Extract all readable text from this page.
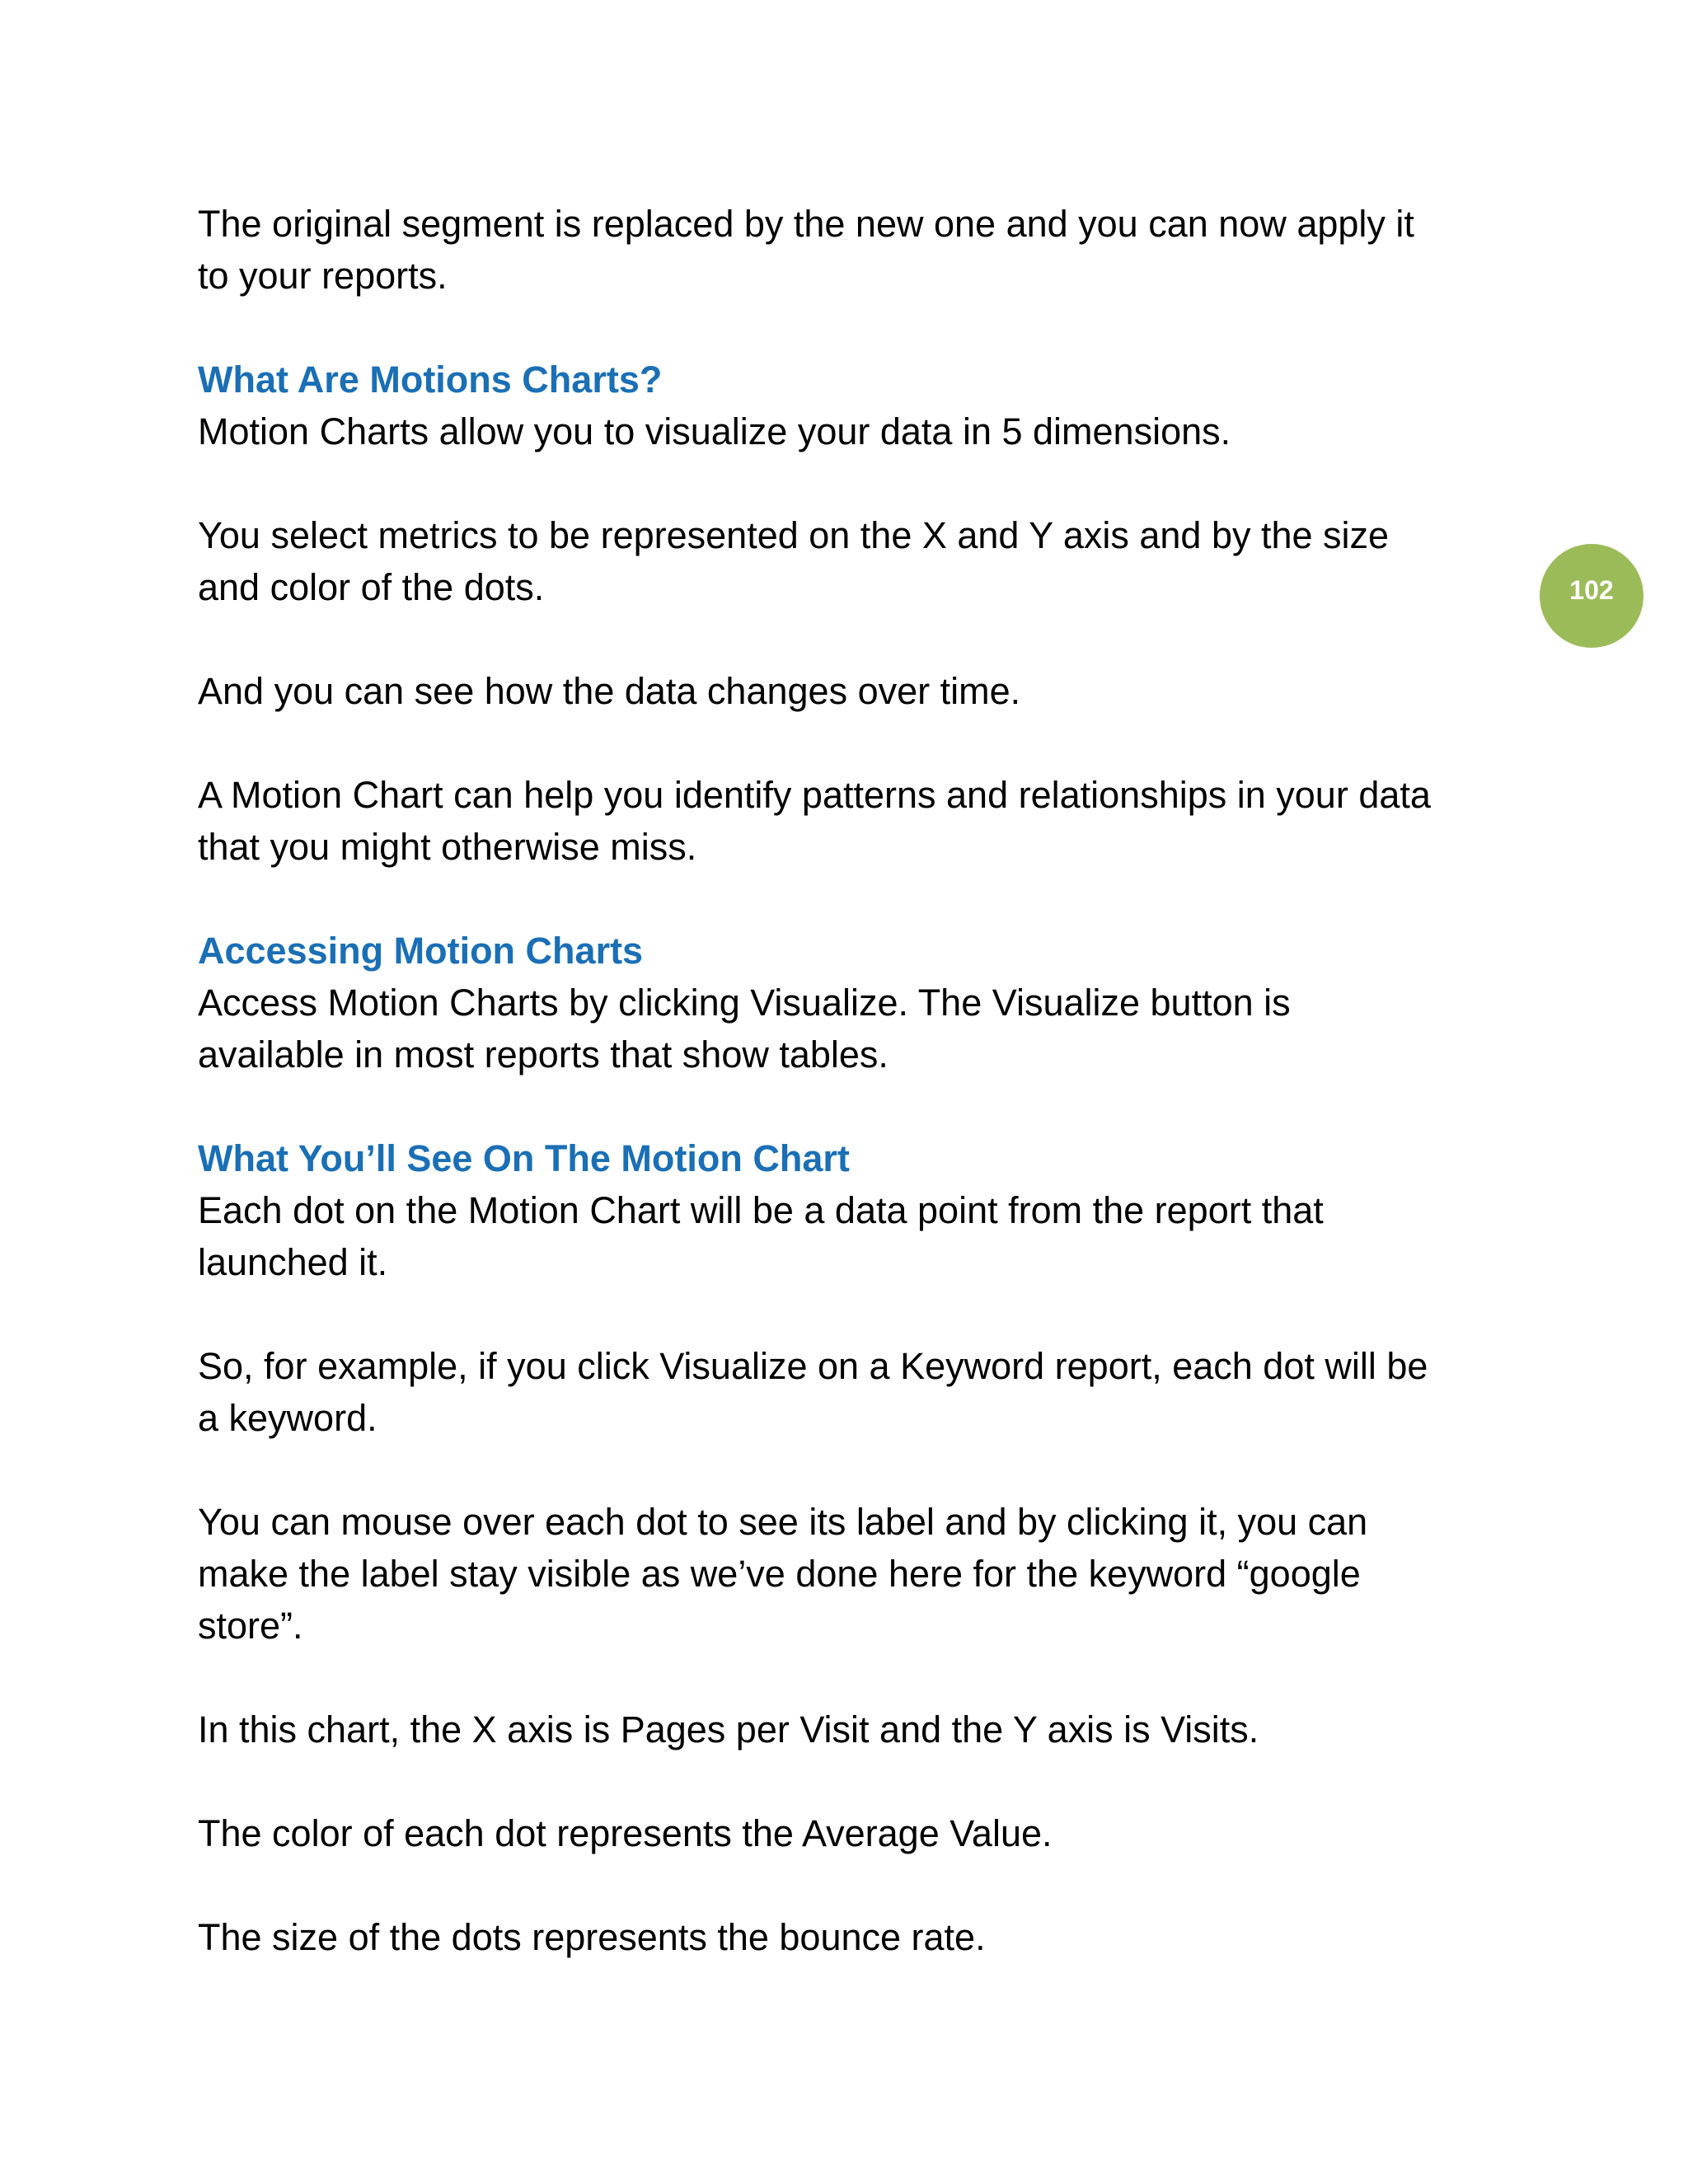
The original segment is replaced by the new one and you can now apply it
to your reports.

What Are Motions Charts?

Motion Charts allow you to visualize your data in 5 dimensions.

You select metrics to be represented on the X and Y axis and by the size
and color of the dots.

And you can see how the data changes over time.

A Motion Chart can help you identify patterns and relationships in your data
that you might otherwise miss.

Accessing Motion Charts

Access Motion Charts by clicking Visualize. The Visualize button is
available in most reports that show tables.

What You’ll See On The Motion Chart

Each dot on the Motion Chart will be a data point from the report that
launched it.

So, for example, if you click Visualize on a Keyword report, each dot will be
a keyword.

You can mouse over each dot to see its label and by clicking it, you can
make the label stay visible as we’ve done here for the keyword “google
store”.

In this chart, the X axis is Pages per Visit and the Y axis is Visits.

The color of each dot represents the Average Value.

The size of the dots represents the bounce rate.

102
